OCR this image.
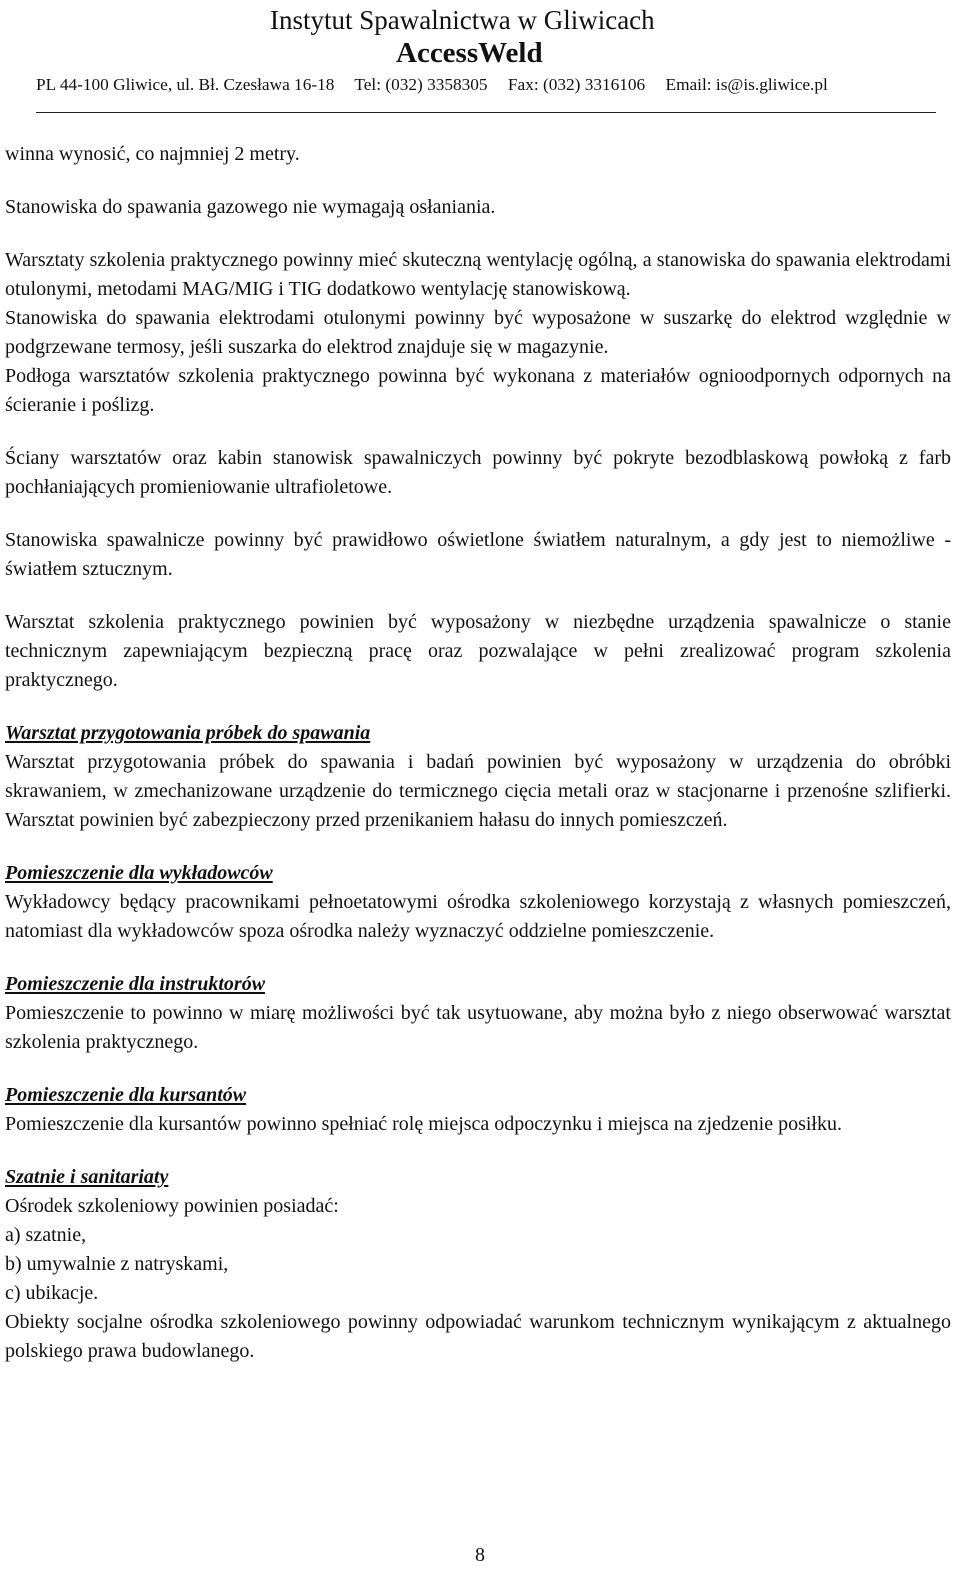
Instytut Spawalnictwa w Gliwicach
AccessWeld
PL 44-100 Gliwice, ul. Bł. Czesława 16-18 Tel: (032) 3358305 Fax: (032) 3316106 Email: is@is.gliwice.pl

winna wynosić, co najmniej 2 metry.

Stanowiska do spawania gazowego nie wymagają osłaniania.

Warsztaty szkolenia praktycznego powinny mieć skuteczną wentylację ogólną, a stanowiska do spawania elektrodami otulonymi, metodami MAG/MIG i TIG dodatkowo wentylację stanowiskową.

Stanowiska do spawania elektrodami otulonymi powinny być wyposażone w suszarkę do elektrod względnie w podgrzewane termosy, jeśli suszarka do elektrod znajduje się w magazynie.

Podłoga warsztatów szkolenia praktycznego powinna być wykonana z materiałów ognioodpornych odpornych na ścieranie i poślizg.

Ściany warsztatów oraz kabin stanowisk spawalniczych powinny być pokryte bezodblaskową powłoką z farb pochłaniających promieniowanie ultrafioletowe.

Stanowiska spawalnicze powinny być prawidłowo oświetlone światłem naturalnym, a gdy jest to niemożliwe - światłem sztucznym.

Warsztat szkolenia praktycznego powinien być wyposażony w niezbędne urządzenia spawalnicze o stanie technicznym zapewniającym bezpieczną pracę oraz pozwalające w pełni zrealizować program szkolenia praktycznego.

Warsztat przygotowania próbek do spawania

Warsztat przygotowania próbek do spawania i badań powinien być wyposażony w urządzenia do obróbki skrawaniem, w zmechanizowane urządzenie do termicznego cięcia metali oraz w stacjonarne i przenośne szlifierki. Warsztat powinien być zabezpieczony przed przenikaniem hałasu do innych pomieszczeń.

Pomieszczenie dla wykładowców

Wykładowcy będący pracownikami pełnoetatowymi ośrodka szkoleniowego korzystają z własnych pomieszczeń, natomiast dla wykładowców spoza ośrodka należy wyznaczyć oddzielne pomieszczenie.

Pomieszczenie dla instruktorów

Pomieszczenie to powinno w miarę możliwości być tak usytuowane, aby można było z niego obserwować warsztat szkolenia praktycznego.

Pomieszczenie dla kursantów

Pomieszczenie dla kursantów powinno spełniać rolę miejsca odpoczynku i miejsca na zjedzenie posiłku.

Szatnie i sanitariaty

Ośrodek szkoleniowy powinien posiadać:

a) szatnie,

b) umywalnie z natryskami,

c) ubikacje.

Obiekty socjalne ośrodka szkoleniowego powinny odpowiadać warunkom technicznym wynikającym z aktualnego polskiego prawa budowlanego.

8
